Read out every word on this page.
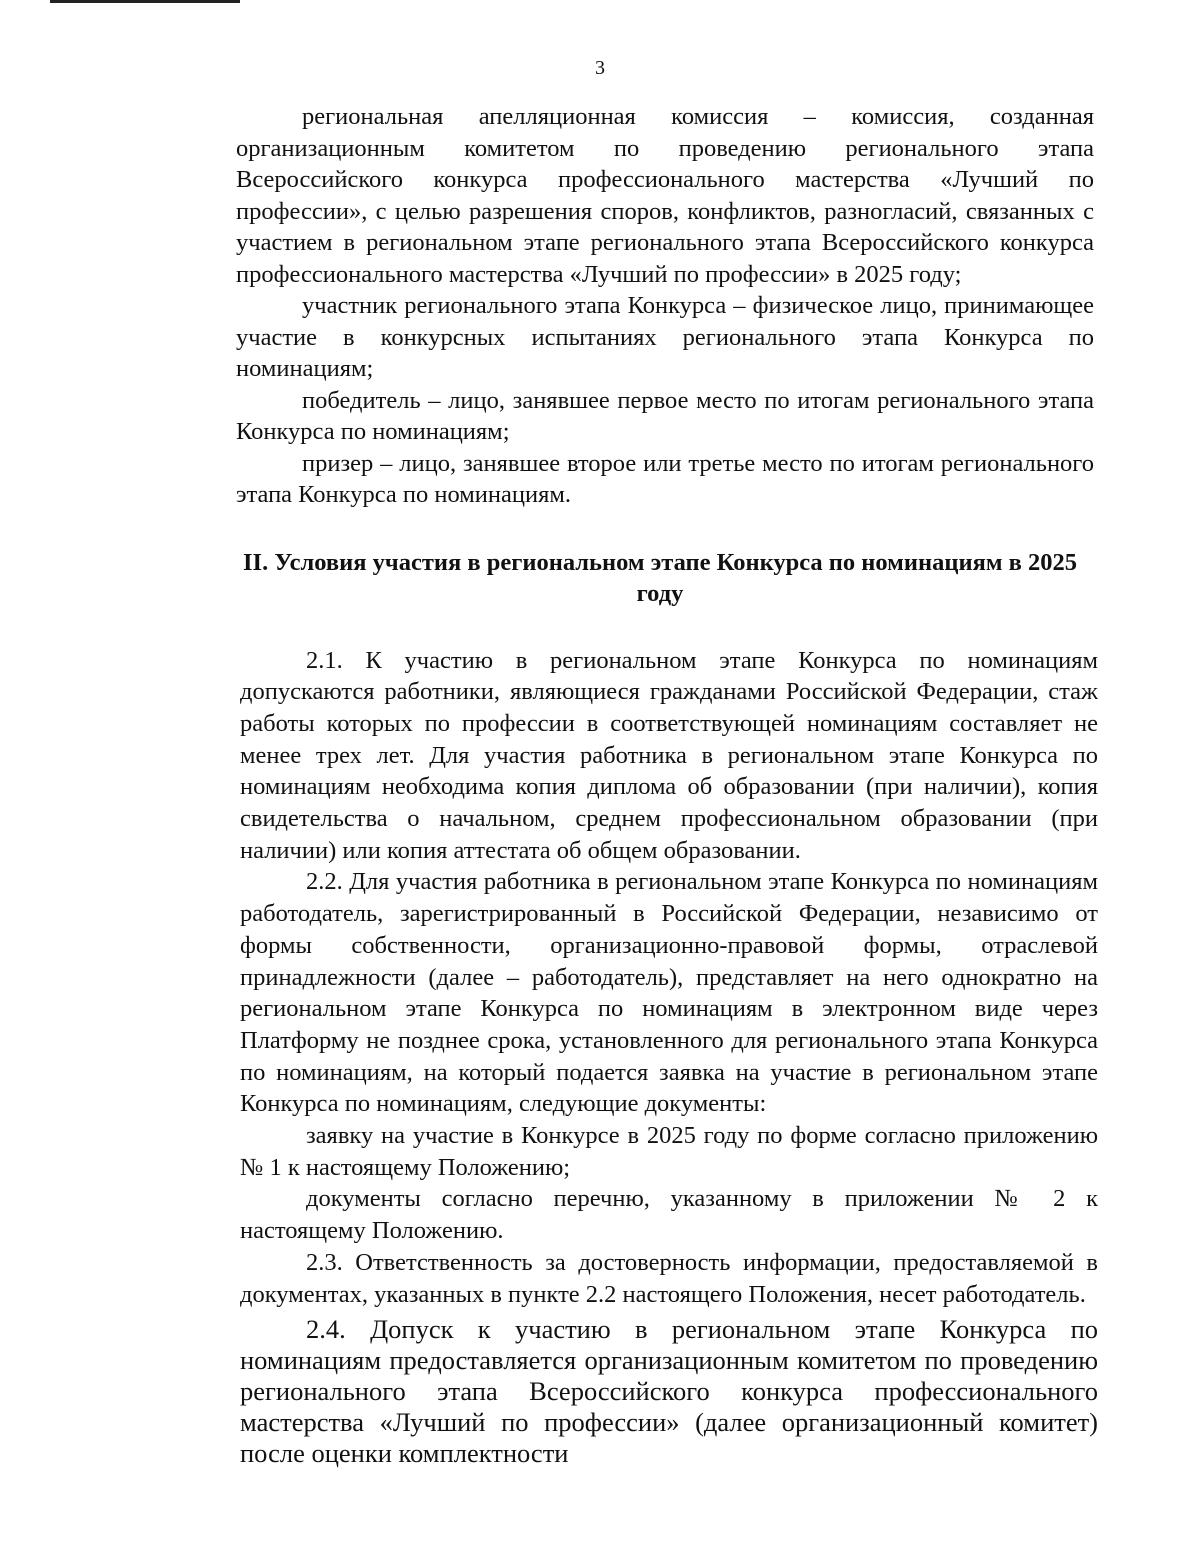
3

региональная апелляционная комиссия – комиссия, созданная организационным комитетом по проведению регионального этапа Всероссийского конкурса профессионального мастерства «Лучший по профессии», с целью разрешения споров, конфликтов, разногласий, связанных с участием в региональном этапе регионального этапа Всероссийского конкурса профессионального мастерства «Лучший по профессии» в 2025 году;

участник регионального этапа Конкурса – физическое лицо, принимающее участие в конкурсных испытаниях регионального этапа Конкурса по номинациям;

победитель – лицо, занявшее первое место по итогам регионального этапа Конкурса по номинациям;

призер – лицо, занявшее второе или третье место по итогам регионального этапа Конкурса по номинациям.

II. Условия участия в региональном этапе Конкурса по номинациям в 2025 году

2.1. К участию в региональном этапе Конкурса по номинациям допускаются работники, являющиеся гражданами Российской Федерации, стаж работы которых по профессии в соответствующей номинациям составляет не менее трех лет. Для участия работника в региональном этапе Конкурса по номинациям необходима копия диплома об образовании (при наличии), копия свидетельства о начальном, среднем профессиональном образовании (при наличии) или копия аттестата об общем образовании.

2.2. Для участия работника в региональном этапе Конкурса по номинациям работодатель, зарегистрированный в Российской Федерации, независимо от формы собственности, организационно-правовой формы, отраслевой принадлежности (далее – работодатель), представляет на него однократно на региональном этапе Конкурса по номинациям в электронном виде через Платформу не позднее срока, установленного для регионального этапа Конкурса по номинациям, на который подается заявка на участие в региональном этапе Конкурса по номинациям, следующие документы:

заявку на участие в Конкурсе в 2025 году по форме согласно приложению № 1 к настоящему Положению;

документы согласно перечню, указанному в приложении № 2 к настоящему Положению.

2.3. Ответственность за достоверность информации, предоставляемой в документах, указанных в пункте 2.2 настоящего Положения, несет работодатель.

2.4. Допуск к участию в региональном этапе Конкурса по номинациям предоставляется организационным комитетом по проведению регионального этапа Всероссийского конкурса профессионального мастерства «Лучший по профессии» (далее организационный комитет) после оценки комплектности
